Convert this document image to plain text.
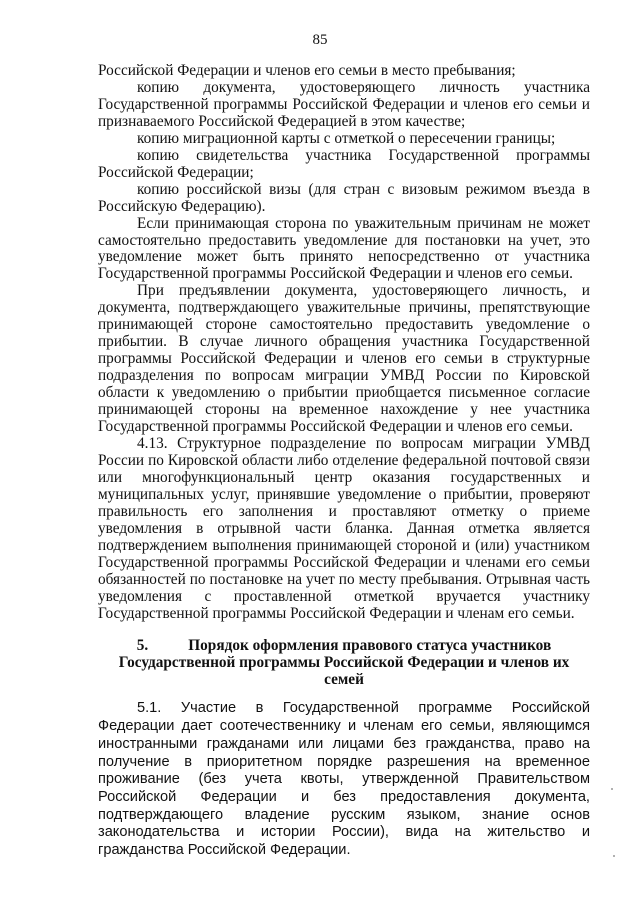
85

Российской Федерации и членов его семьи в место пребывания;

копию документа, удостоверяющего личность участника Государственной программы Российской Федерации и членов его семьи и признаваемого Российской Федерацией в этом качестве;

копию миграционной карты с отметкой о пересечении границы;

копию свидетельства участника Государственной программы Российской Федерации;

копию российской визы (для стран с визовым режимом въезда в Российскую Федерацию).

Если принимающая сторона по уважительным причинам не может самостоятельно предоставить уведомление для постановки на учет, это уведомление может быть принято непосредственно от участника Государственной программы Российской Федерации и членов его семьи.

При предъявлении документа, удостоверяющего личность, и документа, подтверждающего уважительные причины, препятствующие принимающей стороне самостоятельно предоставить уведомление о прибытии. В случае личного обращения участника Государственной программы Российской Федерации и членов его семьи в структурные подразделения по вопросам миграции УМВД России по Кировской области к уведомлению о прибытии приобщается письменное согласие принимающей стороны на временное нахождение у нее участника Государственной программы Российской Федерации и членов его семьи.

4.13. Структурное подразделение по вопросам миграции УМВД России по Кировской области либо отделение федеральной почтовой связи или многофункциональный центр оказания государственных и муниципальных услуг, принявшие уведомление о прибытии, проверяют правильность его заполнения и проставляют отметку о приеме уведомления в отрывной части бланка. Данная отметка является подтверждением выполнения принимающей стороной и (или) участником Государственной программы Российской Федерации и членами его семьи обязанностей по постановке на учет по месту пребывания. Отрывная часть уведомления с проставленной отметкой вручается участнику Государственной программы Российской Федерации и членам его семьи.

5.	Порядок оформления правового статуса участников
Государственной программы Российской Федерации и членов их семей

5.1. Участие в Государственной программе Российской Федерации дает соотечественнику и членам его семьи, являющимся иностранными гражданами или лицами без гражданства, право на получение в приоритетном порядке разрешения на временное проживание (без учета квоты, утвержденной Правительством Российской Федерации и без предоставления документа, подтверждающего владение русским языком, знание основ законодательства и истории России), вида на жительство и гражданства Российской Федерации.
